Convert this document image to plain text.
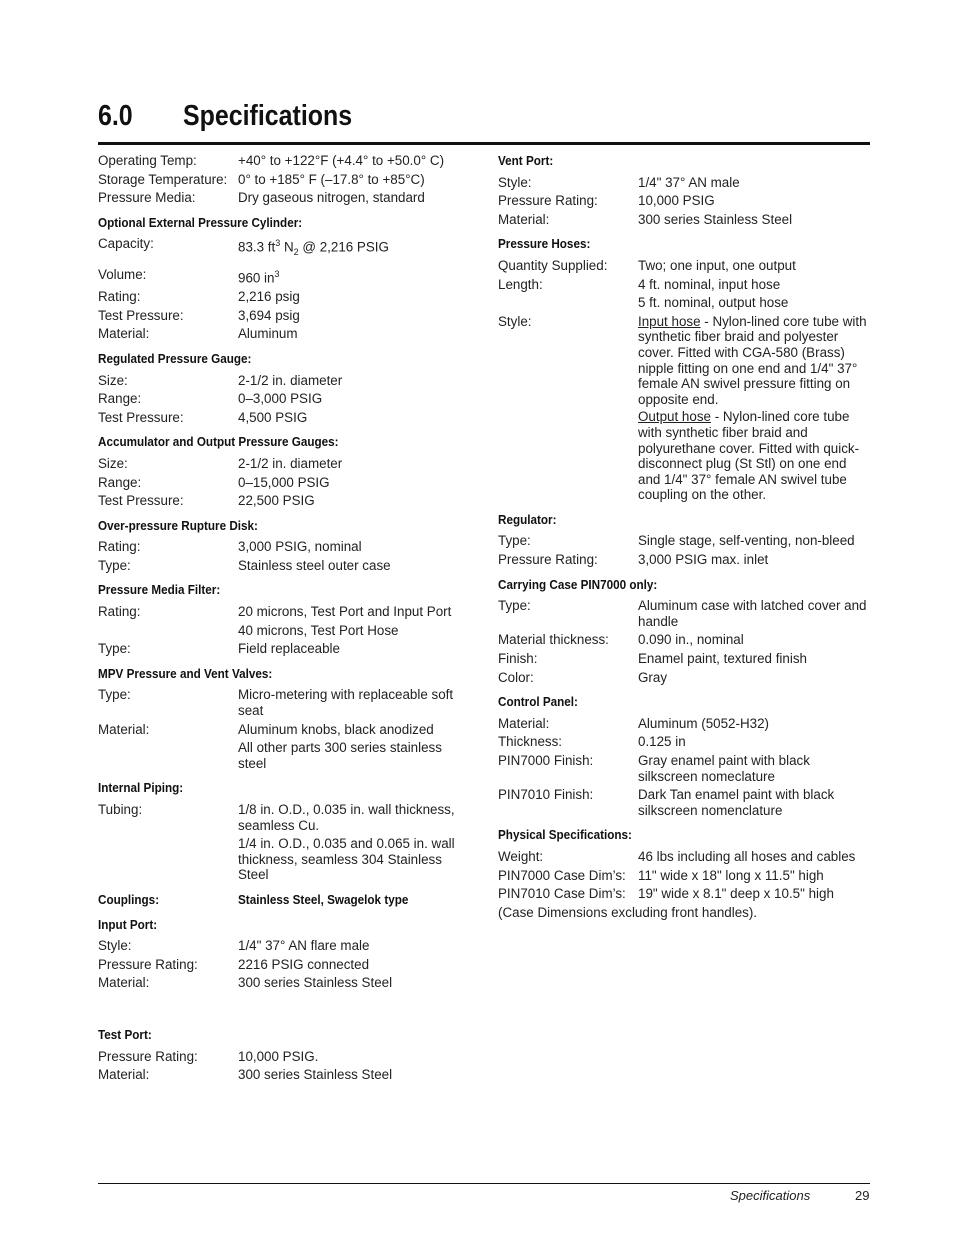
6.0 Specifications
Operating Temp:	+40° to +122°F (+4.4° to +50.0° C)
Storage Temperature: 0° to +185° F (–17.8° to +85°C)
Pressure Media:	Dry gaseous nitrogen, standard
Optional External Pressure Cylinder:
Capacity:	83.3 $ft^3$ $N_2$ @ 2,216 PSIG
Volume:	960 $in^3$
Rating:	2,216 psig
Test Pressure:	3,694 psig
Material:	Aluminum
Regulated Pressure Gauge:
Size:	2-1/2 in. diameter
Range:	0–3,000 PSIG
Test Pressure:	4,500 PSIG
Accumulator and Output Pressure Gauges:
Size:	2-1/2 in. diameter
Range:	0–15,000 PSIG
Test Pressure:	22,500 PSIG
Over-pressure Rupture Disk:
Rating:	3,000 PSIG, nominal
Type:	Stainless steel outer case
Pressure Media Filter:
Rating:	20 microns, Test Port and Input Port
40 microns, Test Port Hose
Type:	Field replaceable
MPV Pressure and Vent Valves:
Type:	Micro-metering with replaceable soft seat
Material:	Aluminum knobs, black anodized
All other parts 300 series stainless steel
Internal Piping:
Tubing:	1/8 in. O.D., 0.035 in. wall thickness, seamless Cu.
1/4 in. O.D., 0.035 and 0.065 in. wall thickness, seamless 304 Stainless Steel
Couplings:	Stainless Steel, Swagelok type
Input Port:
Style:	1/4" 37° AN flare male
Pressure Rating:	2216 PSIG connected
Material:	300 series Stainless Steel
Test Port:
Pressure Rating:	10,000 PSIG.
Material:	300 series Stainless Steel
Vent Port:
Style:	1/4" 37° AN male
Pressure Rating:	10,000 PSIG
Material:	300 series Stainless Steel
Pressure Hoses:
Quantity Supplied:	Two; one input, one output
Length:	4 ft. nominal, input hose
5 ft. nominal, output hose
Style:	Input hose - Nylon-lined core tube with synthetic fiber braid and polyester cover. Fitted with CGA-580 (Brass) nipple fitting on one end and 1/4" 37° female AN swivel pressure fitting on opposite end.
Output hose - Nylon-lined core tube with synthetic fiber braid and polyurethane cover. Fitted with quick-disconnect plug (St Stl) on one end and 1/4" 37° female AN swivel tube coupling on the other.
Regulator:
Type:	Single stage, self-venting, non-bleed
Pressure Rating:	3,000 PSIG max. inlet
Carrying Case PIN7000 only:
Type:	Aluminum case with latched cover and handle
Material thickness:	0.090 in., nominal
Finish:	Enamel paint, textured finish
Color:	Gray
Control Panel:
Material:	Aluminum (5052-H32)
Thickness:	0.125 in
PIN7000 Finish:	Gray enamel paint with black silkscreen nomeclature
PIN7010 Finish:	Dark Tan enamel paint with black silkscreen nomenclature
Physical Specifications:
Weight:	46 lbs including all hoses and cables
PIN7000 Case Dim’s: 11" wide x 18" long x 11.5" high
PIN7010 Case Dim’s: 19" wide x 8.1" deep x 10.5" high
(Case Dimensions excluding front handles).
Specifications	29
